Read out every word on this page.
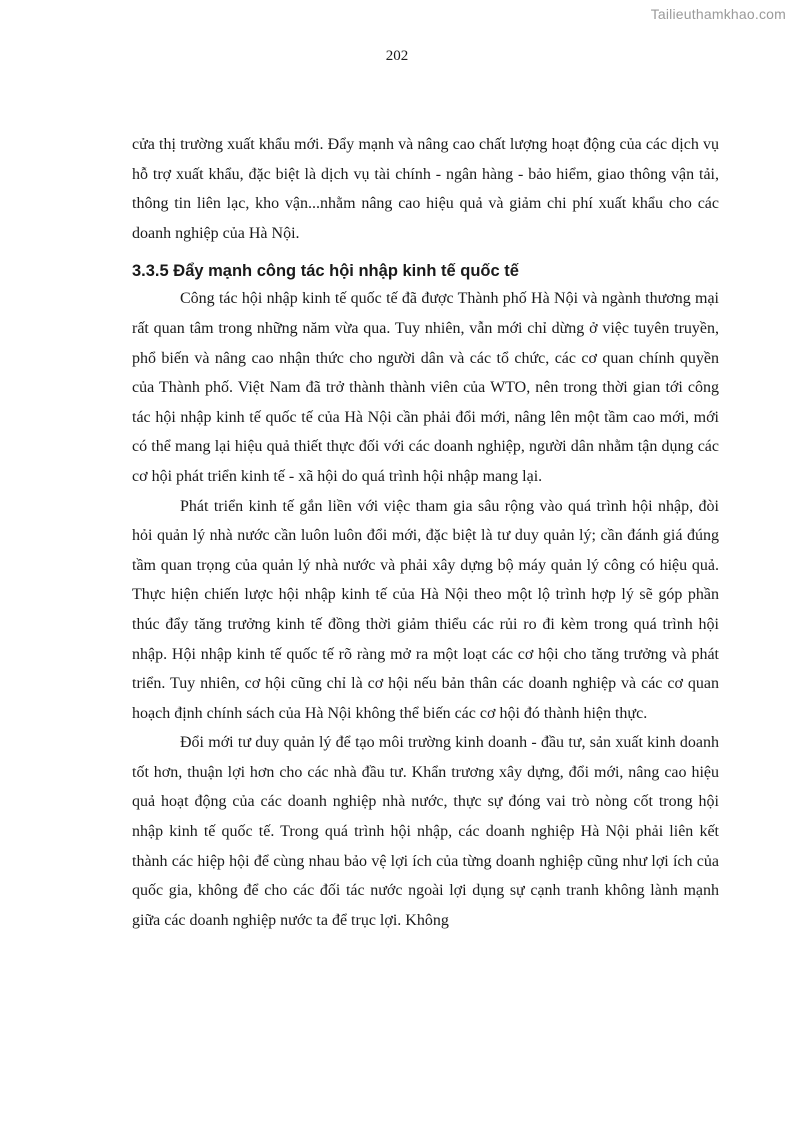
Tailieuthamkhao.com
202

cửa thị trường xuất khẩu mới. Đẩy mạnh và nâng cao chất lượng hoạt động của các dịch vụ hỗ trợ xuất khẩu, đặc biệt là dịch vụ tài chính - ngân hàng - bảo hiểm, giao thông vận tải, thông tin liên lạc, kho vận...nhằm nâng cao hiệu quả và giảm chi phí xuất khẩu cho các doanh nghiệp của Hà Nội.

3.3.5 Đẩy mạnh công tác hội nhập kinh tế quốc tế

Công tác hội nhập kinh tế quốc tế đã được Thành phố Hà Nội và ngành thương mại rất quan tâm trong những năm vừa qua. Tuy nhiên, vẫn mới chỉ dừng ở việc tuyên truyền, phổ biến và nâng cao nhận thức cho người dân và các tổ chức, các cơ quan chính quyền của Thành phố. Việt Nam đã trở thành thành viên của WTO, nên trong thời gian tới công tác hội nhập kinh tế quốc tế của Hà Nội cần phải đổi mới, nâng lên một tầm cao mới, mới có thể mang lại hiệu quả thiết thực đối với các doanh nghiệp, người dân nhằm tận dụng các cơ hội phát triển kinh tế - xã hội do quá trình hội nhập mang lại.

Phát triển kinh tế gắn liền với việc tham gia sâu rộng vào quá trình hội nhập, đòi hỏi quản lý nhà nước cần luôn luôn đổi mới, đặc biệt là tư duy quản lý; cần đánh giá đúng tầm quan trọng của quản lý nhà nước và phải xây dựng bộ máy quản lý công có hiệu quả. Thực hiện chiến lược hội nhập kinh tế của Hà Nội theo một lộ trình hợp lý sẽ góp phần thúc đẩy tăng trưởng kinh tế đồng thời giảm thiểu các rủi ro đi kèm trong quá trình hội nhập. Hội nhập kinh tế quốc tế rõ ràng mở ra một loạt các cơ hội cho tăng trưởng và phát triển. Tuy nhiên, cơ hội cũng chỉ là cơ hội nếu bản thân các doanh nghiệp và các cơ quan hoạch định chính sách của Hà Nội không thể biến các cơ hội đó thành hiện thực.

Đổi mới tư duy quản lý để tạo môi trường kinh doanh - đầu tư, sản xuất kinh doanh tốt hơn, thuận lợi hơn cho các nhà đầu tư. Khẩn trương xây dựng, đổi mới, nâng cao hiệu quả hoạt động của các doanh nghiệp nhà nước, thực sự đóng vai trò nòng cốt trong hội nhập kinh tế quốc tế. Trong quá trình hội nhập, các doanh nghiệp Hà Nội phải liên kết thành các hiệp hội để cùng nhau bảo vệ lợi ích của từng doanh nghiệp cũng như lợi ích của quốc gia, không để cho các đối tác nước ngoài lợi dụng sự cạnh tranh không lành mạnh giữa các doanh nghiệp nước ta để trục lợi. Không
